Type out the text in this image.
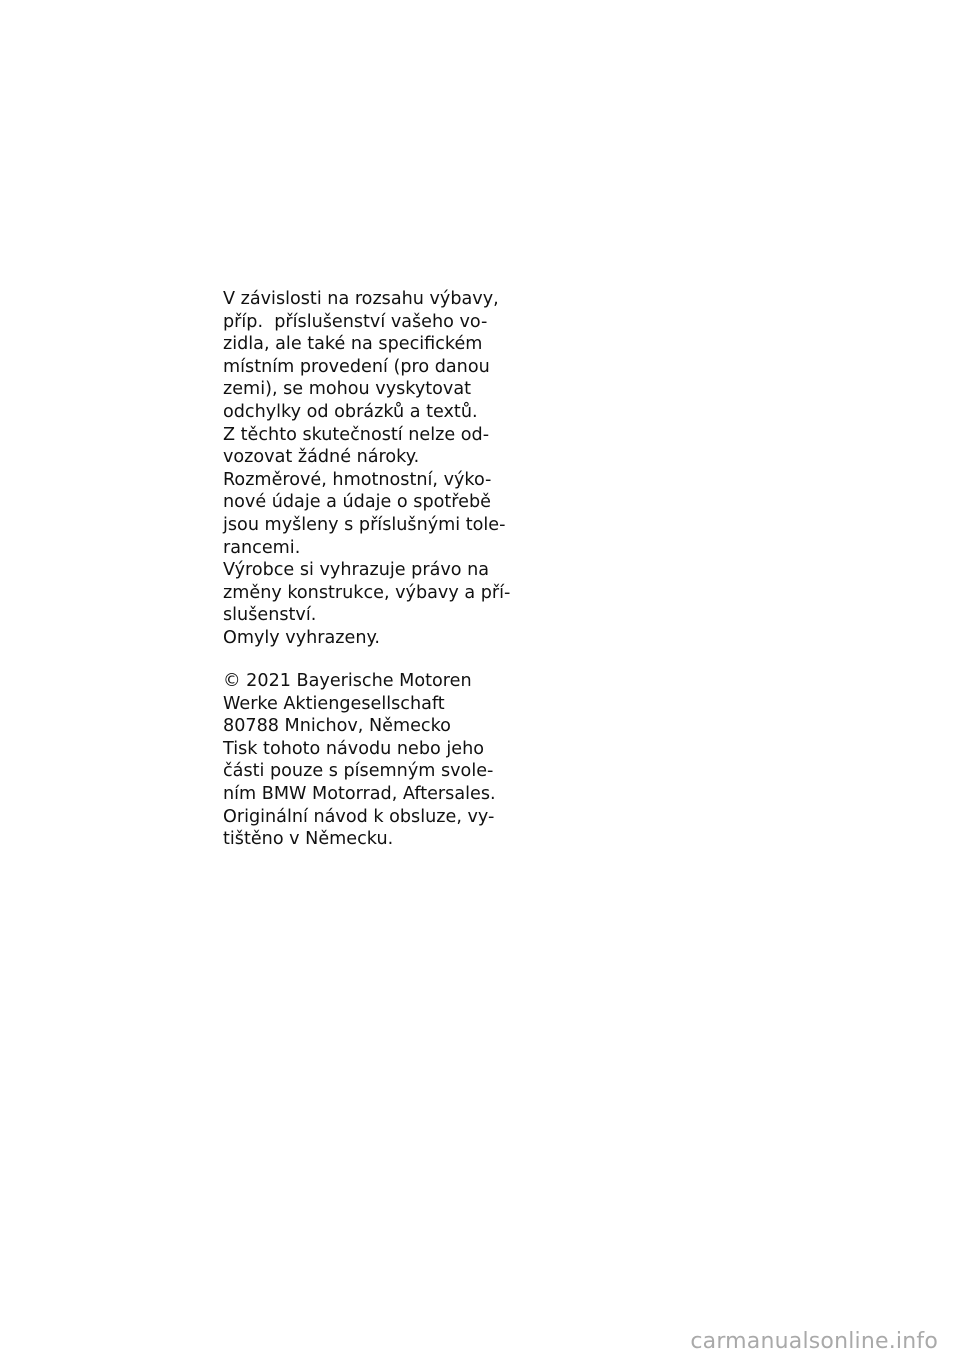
V závislosti na rozsahu výbavy,
příp.  příslušenství vašeho vo-
zidla, ale také na specifickém
místním provedení (pro danou
zemi), se mohou vyskytovat
odchylky od obrázků a textů.
Z těchto skutečností nelze od-
vozovat žádné nároky.
Rozměrové, hmotnostní, výko-
nové údaje a údaje o spotřebě
jsou myšleny s příslušnými tole-
rancemi.
Výrobce si vyhrazuje právo na
změny konstrukce, výbavy a pří-
slušenství.
Omyly vyhrazeny.
© 2021 Bayerische Motoren
Werke Aktiengesellschaft
80788 Mnichov, Německo
Tisk tohoto návodu nebo jeho
části pouze s písemným svole-
ním BMW Motorrad, Aftersales.
Originální návod k obsluze, vy-
tištěno v Německu.
carmanualsonline.info
